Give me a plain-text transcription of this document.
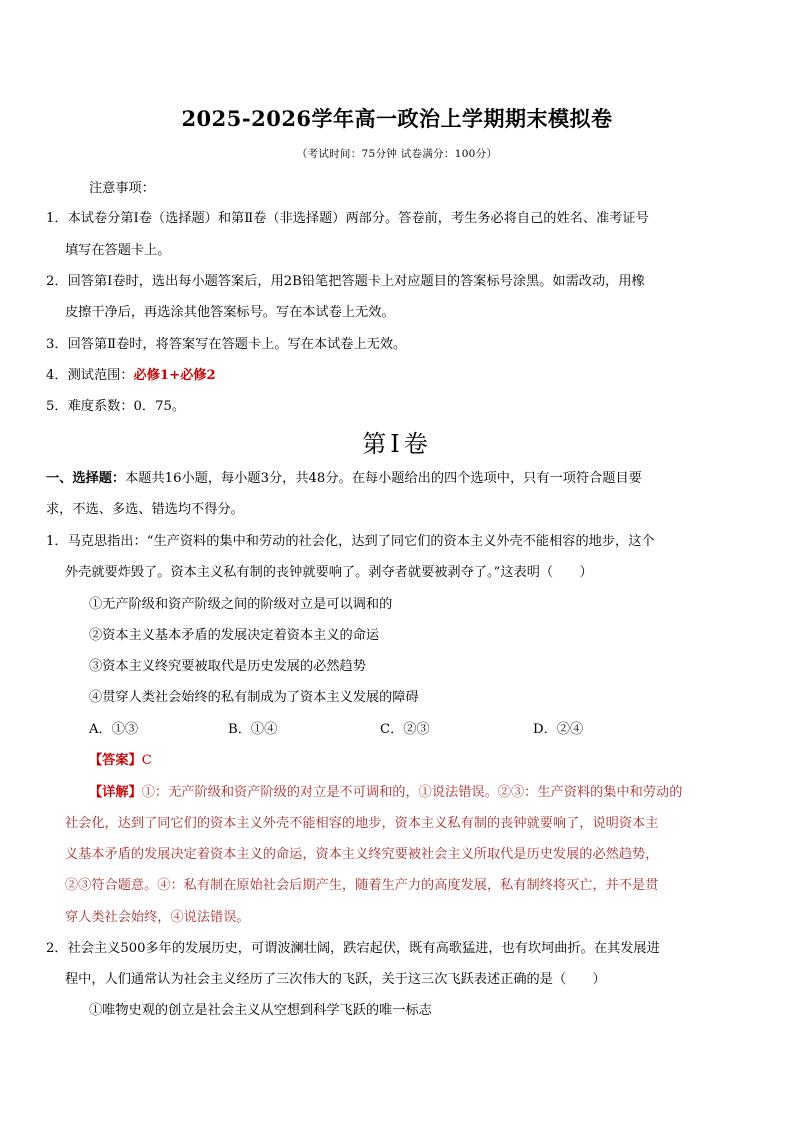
2025-2026学年高一政治上学期期末模拟卷
（考试时间：75分钟 试卷满分：100分）
注意事项：
1．本试卷分第Ⅰ卷（选择题）和第Ⅱ卷（非选择题）两部分。答卷前，考生务必将自己的姓名、准考证号
填写在答题卡上。
2．回答第Ⅰ卷时，选出每小题答案后，用2B铅笔把答题卡上对应题目的答案标号涂黑。如需改动，用橡
皮擦干净后，再选涂其他答案标号。写在本试卷上无效。
3．回答第Ⅱ卷时，将答案写在答题卡上。写在本试卷上无效。
4．测试范围：必修1+必修2
5．难度系数：0．75。
第Ⅰ卷
一、选择题：本题共16小题，每小题3分，共48分。在每小题给出的四个选项中，只有一项符合题目要
求，不选、多选、错选均不得分。
1．马克思指出：“生产资料的集中和劳动的社会化，达到了同它们的资本主义外壳不能相容的地步，这个
外壳就要炸毁了。资本主义私有制的丧钟就要响了。剥夺者就要被剥夺了。”这表明（　　）
①无产阶级和资产阶级之间的阶级对立是可以调和的
②资本主义基本矛盾的发展决定着资本主义的命运
③资本主义终究要被取代是历史发展的必然趋势
④贯穿人类社会始终的私有制成为了资本主义发展的障碍
A．①③	B．①④	C．②③	D．②④
【答案】C
【详解】①：无产阶级和资产阶级的对立是不可调和的，①说法错误。②③：生产资料的集中和劳动的
社会化，达到了同它们的资本主义外壳不能相容的地步，资本主义私有制的丧钟就要响了，说明资本主
义基本矛盾的发展决定着资本主义的命运，资本主义终究要被社会主义所取代是历史发展的必然趋势，
②③符合题意。④：私有制在原始社会后期产生，随着生产力的高度发展，私有制终将灭亡，并不是贯
穿人类社会始终，④说法错误。
2．社会主义500多年的发展历史，可谓波澜壮阔，跌宕起伏，既有高歌猛进，也有坎坷曲折。在其发展进
程中，人们通常认为社会主义经历了三次伟大的飞跃，关于这三次飞跃表述正确的是（　　）
①唯物史观的创立是社会主义从空想到科学飞跃的唯一标志
